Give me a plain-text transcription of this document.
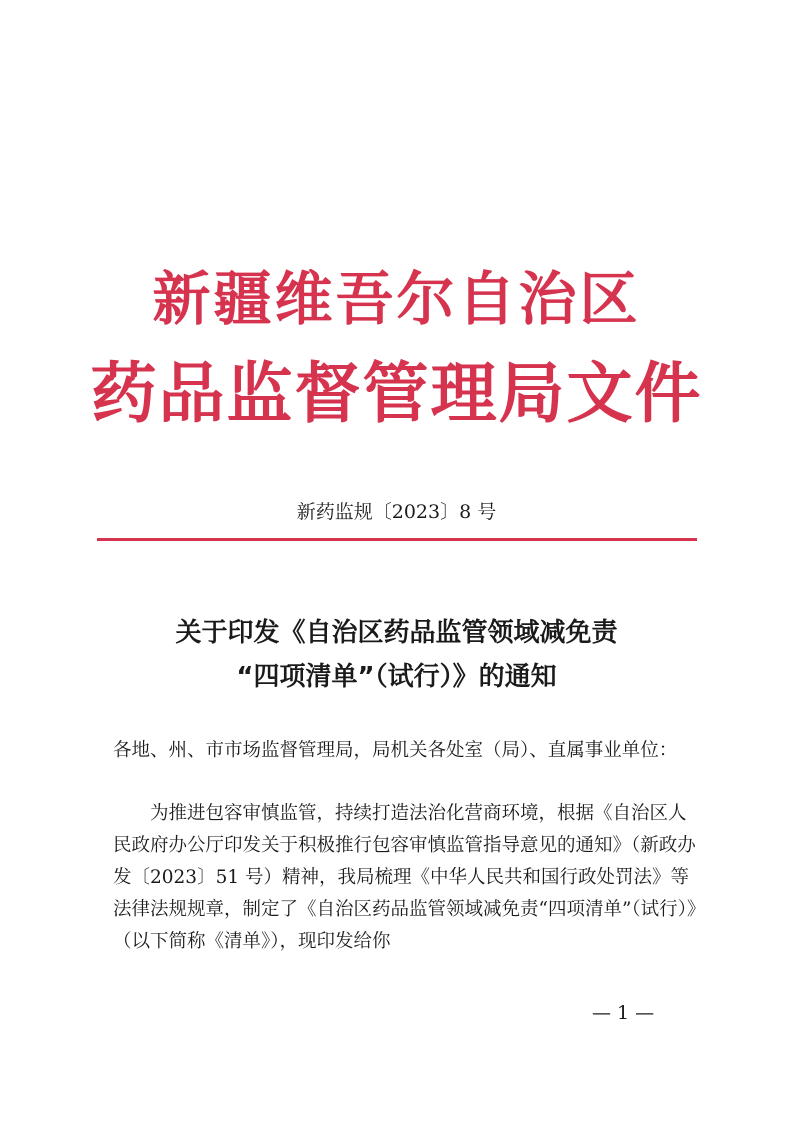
新疆维吾尔自治区
药品监督管理局文件
新药监规〔2023〕8 号
关于印发《自治区药品监管领域减免责
“四项清单”（试行）》的通知
各地、州、市市场监督管理局，局机关各处室（局）、直属事业单位：
为推进包容审慎监管，持续打造法治化营商环境，根据《自治区人民政府办公厅印发关于积极推行包容审慎监管指导意见的通知》（新政办发〔2023〕51 号）精神，我局梳理《中华人民共和国行政处罚法》等法律法规规章，制定了《自治区药品监管领域减免责“四项清单”（试行）》（以下简称《清单》），现印发给你
— 1 —
